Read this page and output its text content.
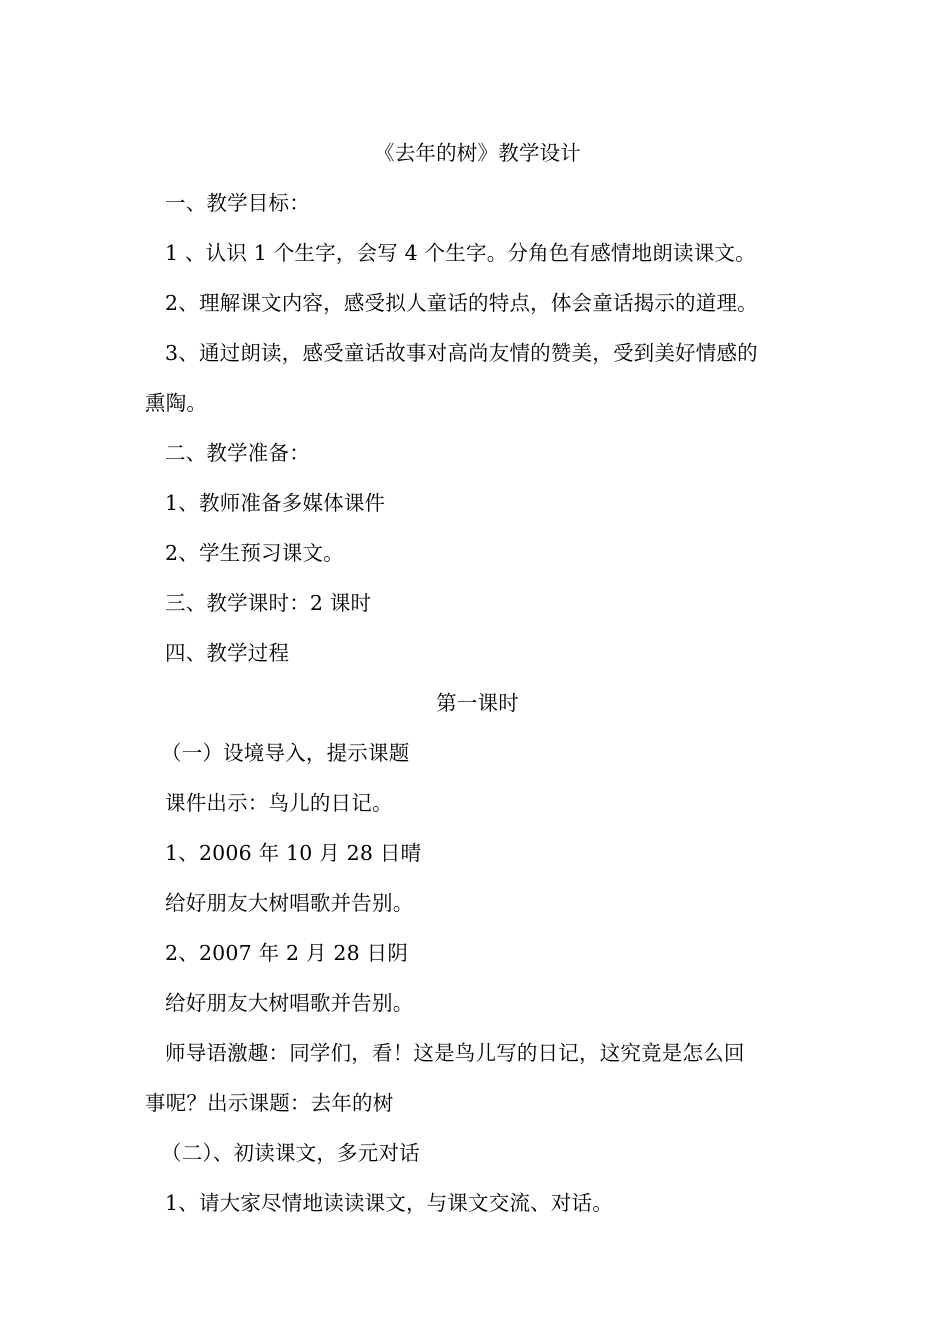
《去年的树》教学设计
一、教学目标：
1 、认识 1 个生字，会写 4 个生字。分角色有感情地朗读课文。
2、理解课文内容，感受拟人童话的特点，体会童话揭示的道理。
3、通过朗读，感受童话故事对高尚友情的赞美，受到美好情感的
熏陶。
二、教学准备：
1、教师准备多媒体课件
2、学生预习课文。
三、教学课时：2 课时
四、教学过程
第一课时
（一）设境导入，提示课题
课件出示：鸟儿的日记。
1、2006 年 10 月 28 日晴
给好朋友大树唱歌并告别。
2、2007 年 2 月 28 日阴
给好朋友大树唱歌并告别。
师导语激趣：同学们，看！这是鸟儿写的日记，这究竟是怎么回
事呢？出示课题：去年的树
（二）、初读课文，多元对话
1、请大家尽情地读读课文，与课文交流、对话。
